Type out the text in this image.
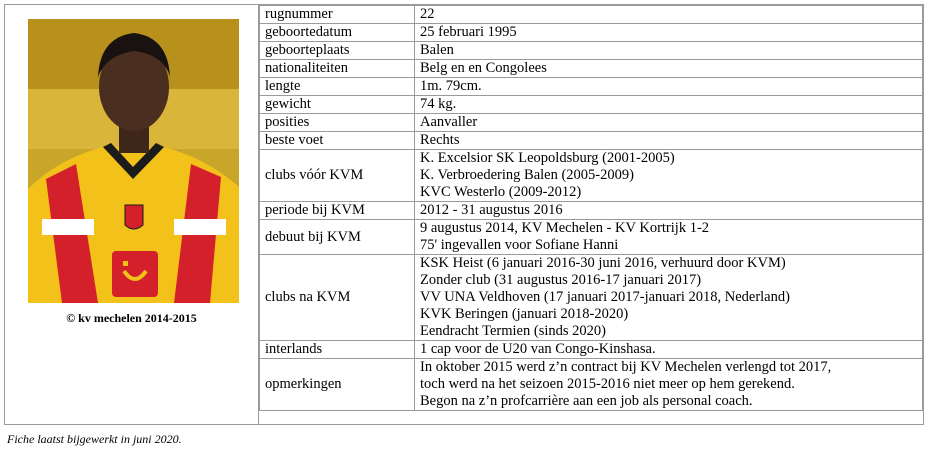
© kv mechelen 2014-2015
rugnummer	22

geboortedatum	25 februari 1995

geboorteplaats	Balen

nationaliteiten	Belg en en Congolees

lengte	1m. 79cm.

gewicht	74 kg.

posities	Aanvaller

beste voet	Rechts

clubs vóór KVM	K. Excelsior SK Leopoldsburg (2001-2005)
K. Verbroedering Balen (2005-2009)
KVC Westerlo (2009-2012)

periode bij KVM	2012 - 31 augustus 2016

debuut bij KVM	9 augustus 2014, KV Mechelen - KV Kortrijk 1-2
75' ingevallen voor Sofiane Hanni

clubs na KVM	KSK Heist (6 januari 2016-30 juni 2016, verhuurd door KVM)
Zonder club (31 augustus 2016-17 januari 2017)
VV UNA Veldhoven (17 januari 2017-januari 2018, Nederland)
KVK Beringen (januari 2018-2020)
Eendracht Termien (sinds 2020)

interlands	1 cap voor de U20 van Congo-Kinshasa.

opmerkingen	In oktober 2015 werd z’n contract bij KV Mechelen verlengd tot 2017,
toch werd na het seizoen 2015-2016 niet meer op hem gerekend.
Begon na z’n profcarrière aan een job als personal coach.
Fiche laatst bijgewerkt in juni 2020.
